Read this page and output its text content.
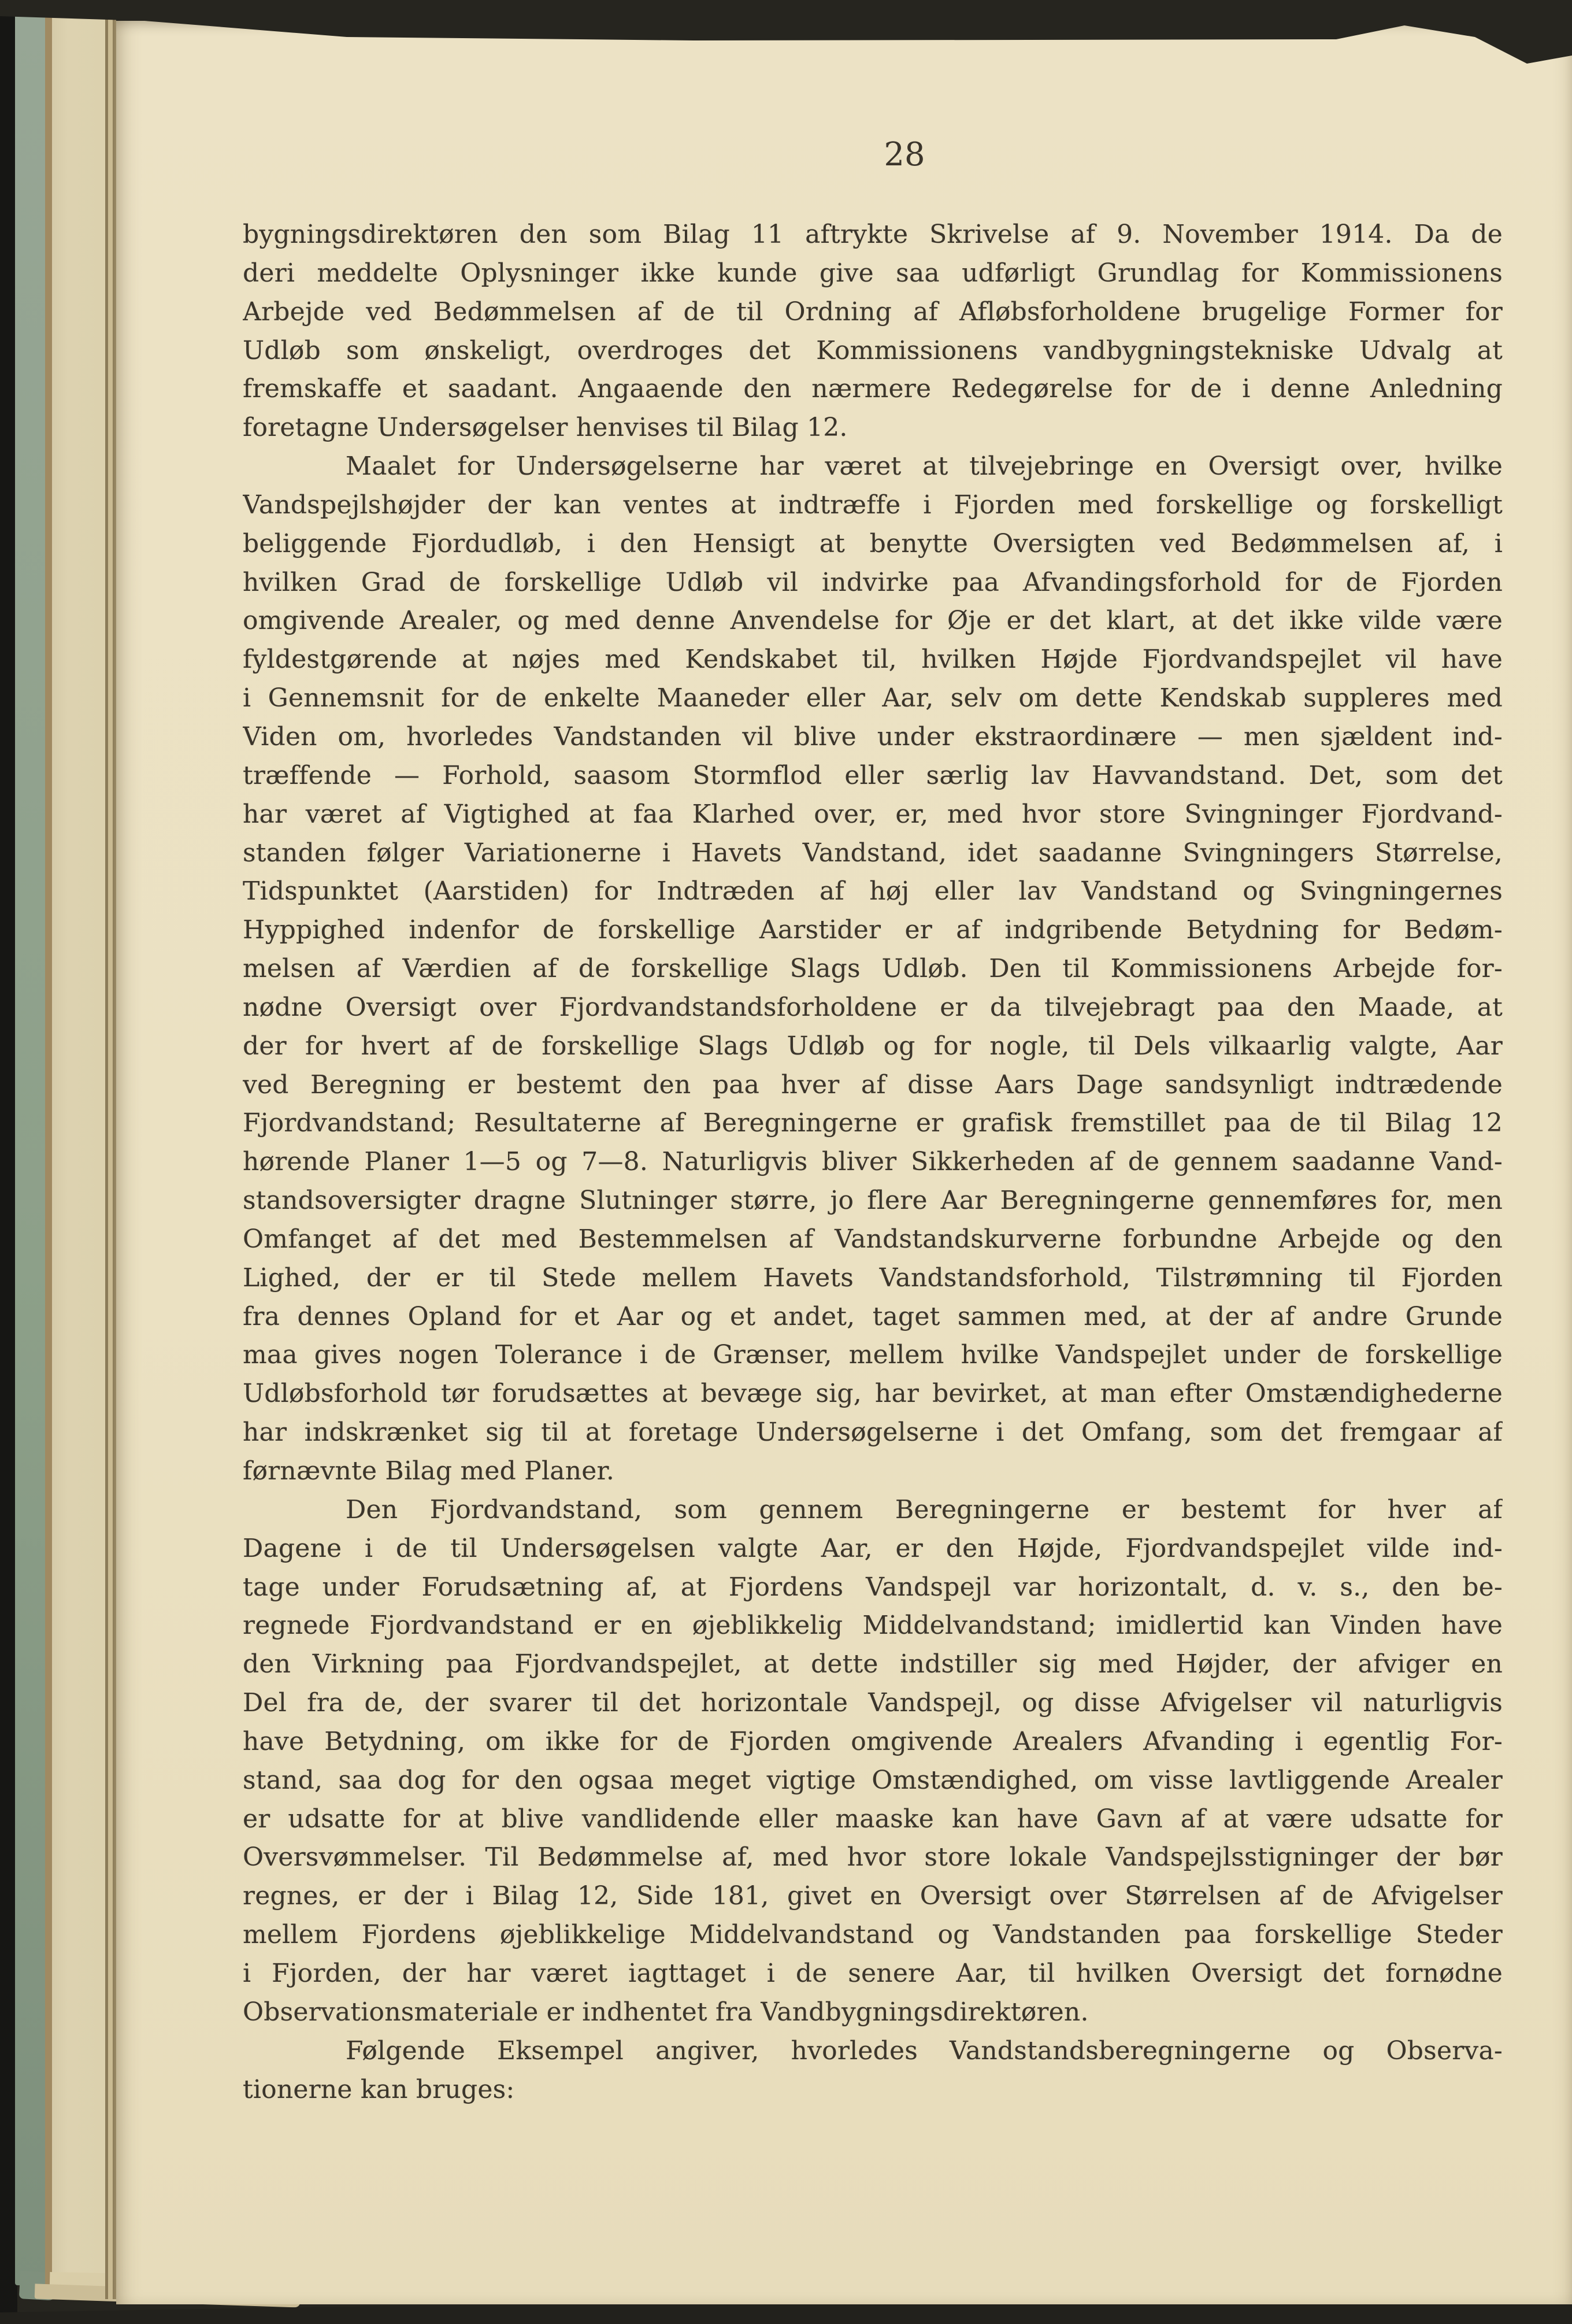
28
bygningsdirektøren den som Bilag 11 aftrykte Skrivelse af 9. November 1914. Da de
deri meddelte Oplysninger ikke kunde give saa udførligt Grundlag for Kommissionens
Arbejde ved Bedømmelsen af de til Ordning af Afløbsforholdene brugelige Former for
Udløb som ønskeligt, overdroges det Kommissionens vandbygningstekniske Udvalg at
fremskaffe et saadant. Angaaende den nærmere Redegørelse for de i denne Anledning
foretagne Undersøgelser henvises til Bilag 12.
Maalet for Undersøgelserne har været at tilvejebringe en Oversigt over, hvilke
Vandspejlshøjder der kan ventes at indtræffe i Fjorden med forskellige og forskelligt
beliggende Fjordudløb, i den Hensigt at benytte Oversigten ved Bedømmelsen af, i
hvilken Grad de forskellige Udløb vil indvirke paa Afvandingsforhold for de Fjorden
omgivende Arealer, og med denne Anvendelse for Øje er det klart, at det ikke vilde være
fyldestgørende at nøjes med Kendskabet til, hvilken Højde Fjordvandspejlet vil have
i Gennemsnit for de enkelte Maaneder eller Aar, selv om dette Kendskab suppleres med
Viden om, hvorledes Vandstanden vil blive under ekstraordinære — men sjældent ind-
træffende — Forhold, saasom Stormflod eller særlig lav Havvandstand. Det, som det
har været af Vigtighed at faa Klarhed over, er, med hvor store Svingninger Fjordvand-
standen følger Variationerne i Havets Vandstand, idet saadanne Svingningers Størrelse,
Tidspunktet (Aarstiden) for Indtræden af høj eller lav Vandstand og Svingningernes
Hyppighed indenfor de forskellige Aarstider er af indgribende Betydning for Bedøm-
melsen af Værdien af de forskellige Slags Udløb. Den til Kommissionens Arbejde for-
nødne Oversigt over Fjordvandstandsforholdene er da tilvejebragt paa den Maade, at
der for hvert af de forskellige Slags Udløb og for nogle, til Dels vilkaarlig valgte, Aar
ved Beregning er bestemt den paa hver af disse Aars Dage sandsynligt indtrædende
Fjordvandstand; Resultaterne af Beregningerne er grafisk fremstillet paa de til Bilag 12
hørende Planer 1—5 og 7—8. Naturligvis bliver Sikkerheden af de gennem saadanne Vand-
standsoversigter dragne Slutninger større, jo flere Aar Beregningerne gennemføres for, men
Omfanget af det med Bestemmelsen af Vandstandskurverne forbundne Arbejde og den
Lighed, der er til Stede mellem Havets Vandstandsforhold, Tilstrømning til Fjorden
fra dennes Opland for et Aar og et andet, taget sammen med, at der af andre Grunde
maa gives nogen Tolerance i de Grænser, mellem hvilke Vandspejlet under de forskellige
Udløbsforhold tør forudsættes at bevæge sig, har bevirket, at man efter Omstændighederne
har indskrænket sig til at foretage Undersøgelserne i det Omfang, som det fremgaar af
førnævnte Bilag med Planer.
Den Fjordvandstand, som gennem Beregningerne er bestemt for hver af
Dagene i de til Undersøgelsen valgte Aar, er den Højde, Fjordvandspejlet vilde ind-
tage under Forudsætning af, at Fjordens Vandspejl var horizontalt, d. v. s., den be-
regnede Fjordvandstand er en øjeblikkelig Middelvandstand; imidlertid kan Vinden have
den Virkning paa Fjordvandspejlet, at dette indstiller sig med Højder, der afviger en
Del fra de, der svarer til det horizontale Vandspejl, og disse Afvigelser vil naturligvis
have Betydning, om ikke for de Fjorden omgivende Arealers Afvanding i egentlig For-
stand, saa dog for den ogsaa meget vigtige Omstændighed, om visse lavtliggende Arealer
er udsatte for at blive vandlidende eller maaske kan have Gavn af at være udsatte for
Oversvømmelser. Til Bedømmelse af, med hvor store lokale Vandspejlsstigninger der bør
regnes, er der i Bilag 12, Side 181, givet en Oversigt over Størrelsen af de Afvigelser
mellem Fjordens øjeblikkelige Middelvandstand og Vandstanden paa forskellige Steder
i Fjorden, der har været iagttaget i de senere Aar, til hvilken Oversigt det fornødne
Observationsmateriale er indhentet fra Vandbygningsdirektøren.
Følgende Eksempel angiver, hvorledes Vandstandsberegningerne og Observa-
tionerne kan bruges:
